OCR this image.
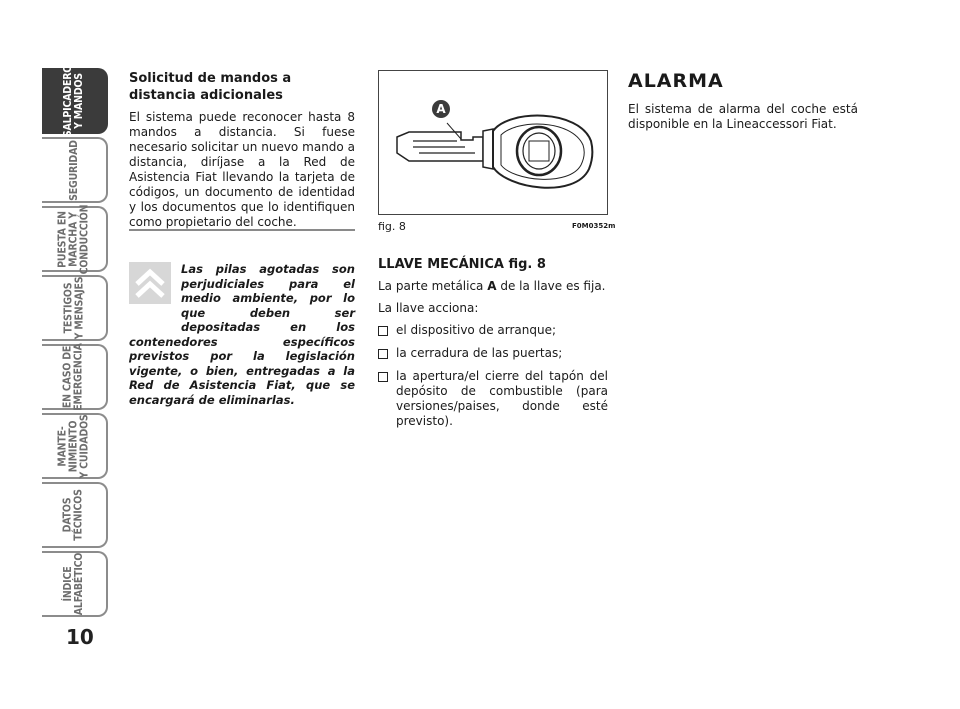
SALPICADERO
Y MANDOS
SEGURIDAD
PUESTA EN
MARCHA Y
CONDUCCIÓN
TESTIGOS
Y MENSAJES
EN CASO DE
EMERGENCIA
MANTE-
NIMIENTO
Y CUIDADOS
DATOS
TÉCNICOS
ÍNDICE
ALFABÉTICO
10

Solicitud de mandos a distancia adicionales

El sistema puede reconocer hasta 8 mandos a distancia. Si fuese necesario solicitar un nuevo mando a distancia, diríjase a la Red de Asistencia Fiat llevando la tarjeta de códigos, un documento de identidad y los documentos que lo identifiquen como propietario del coche.

Las pilas agotadas son perjudiciales para el medio ambiente, por lo que deben ser depositadas en los contenedores específicos previstos por la legislación vigente, o bien, entregadas a la Red de Asistencia Fiat, que se encargará de eliminarlas.
A
fig. 8	F0M0352m

LLAVE MECÁNICA fig. 8

La parte metálica A de la llave es fija.

La llave acciona:

el dispositivo de arranque;
la cerradura de las puertas;
la apertura/el cierre del tapón del depósito de combustible (para versiones/paises, donde esté previsto).

ALARMA

El sistema de alarma del coche está disponible en la Lineaccessori Fiat.
